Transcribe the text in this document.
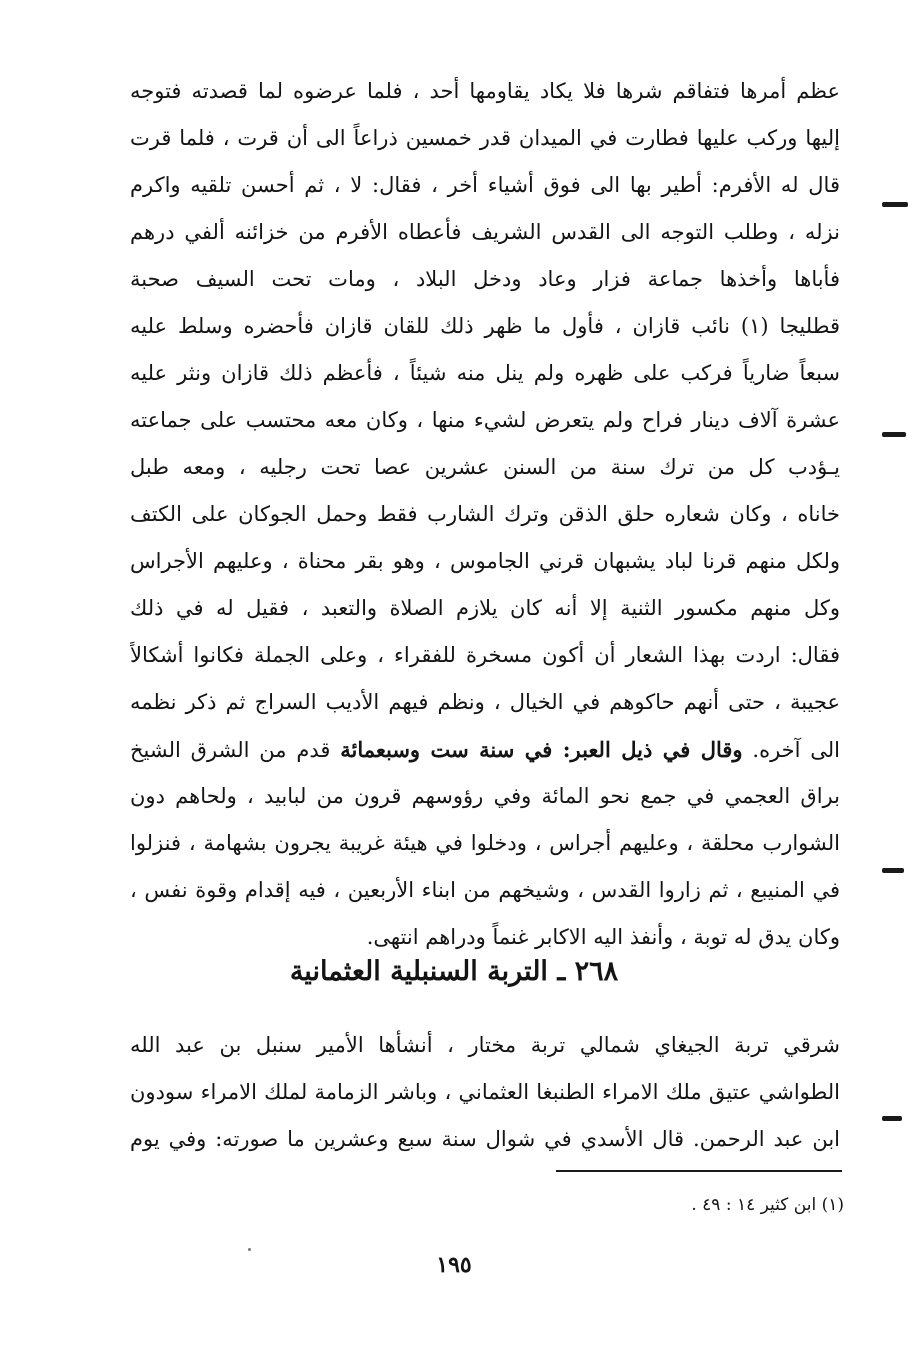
عظم أمرها فتفاقم شرها فلا يكاد يقاومها أحد ، فلما عرضوه لما قصدته فتوجه
إليها وركب عليها فطارت في الميدان قدر خمسين ذراعاً الى أن قرت ، فلما قرت
قال له الأفرم: أطير بها الى فوق أشياء أخر ، فقال: لا ، ثم أحسن تلقيه واكرم
نزله ، وطلب التوجه الى القدس الشريف فأعطاه الأفرم من خزائنه ألفي درهم
فأباها وأخذها جماعة فزار وعاد ودخل البلاد ، ومات تحت السيف صحبة
قطليجا (١) نائب قازان ، فأول ما ظهر ذلك للقان قازان فأحضره وسلط عليه
سبعاً ضارياً فركب على ظهره ولم ينل منه شيئاً ، فأعظم ذلك قازان ونثر عليه
عشرة آلاف دينار فراح ولم يتعرض لشيء منها ، وكان معه محتسب على جماعته
يـؤدب كل من ترك سنة من السنن عشرين عصا تحت رجليه ، ومعه طبل
خاناه ، وكان شعاره حلق الذقن وترك الشارب فقط وحمل الجوكان على الكتف
ولكل منهم قرنا لباد يشبهان قرني الجاموس ، وهو بقر محناة ، وعليهم الأجراس
وكل منهم مكسور الثنية إلا أنه كان يلازم الصلاة والتعبد ، فقيل له في ذلك
فقال: اردت بهذا الشعار أن أكون مسخرة للفقراء ، وعلى الجملة فكانوا أشكالاً
عجيبة ، حتى أنهم حاكوهم في الخيال ، ونظم فيهم الأديب السراج ثم ذكر نظمه
الى آخره. وقال في ذيل العبر: في سنة ست وسبعمائة قدم من الشرق الشيخ
براق العجمي في جمع نحو المائة وفي رؤوسهم قرون من لبابيد ، ولحاهم دون
الشوارب محلقة ، وعليهم أجراس ، ودخلوا في هيئة غريبة يجرون بشهامة ، فنزلوا
في المنيبع ، ثم زاروا القدس ، وشيخهم من ابناء الأربعين ، فيه إقدام وقوة نفس ،
وكان يدق له توبة ، وأنفذ اليه الاكابر غنماً ودراهم انتهى.
٢٦٨ ـ التربة السنبلية العثمانية
شرقي تربة الجيغاي شمالي تربة مختار ، أنشأها الأمير سنبل بن عبد الله
الطواشي عتيق ملك الامراء الطنبغا العثماني ، وباشر الزمامة لملك الامراء سودون
ابن عبد الرحمن. قال الأسدي في شوال سنة سبع وعشرين ما صورته: وفي يوم
(١) ابن كثير ١٤ : ٤٩ .
١٩٥
